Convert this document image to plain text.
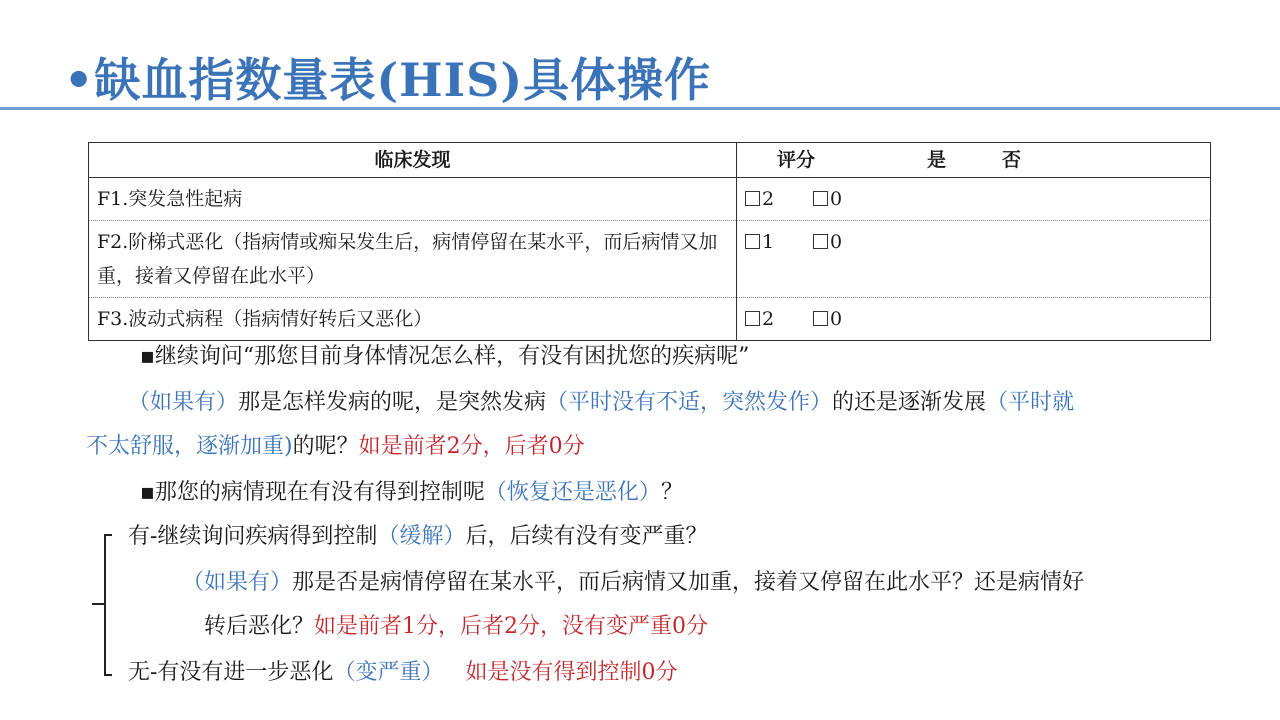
•缺血指数量表(HIS)具体操作
临床发现	评分 是 否
F1.突发急性起病	2 0
F2.阶梯式恶化（指病情或痴呆发生后，病情停留在某水平，而后病情又加重，接着又停留在此水平）	1 0
F3.波动式病程（指病情好转后又恶化）	2 0
▪继续询问“那您目前身体情况怎么样，有没有困扰您的疾病呢”
（如果有）那是怎样发病的呢，是突然发病（平时没有不适，突然发作）的还是逐渐发展（平时就
不太舒服，逐渐加重)的呢？如是前者2分，后者0分
▪那您的病情现在有没有得到控制呢（恢复还是恶化）？
有-继续询问疾病得到控制（缓解）后，后续有没有变严重？
（如果有）那是否是病情停留在某水平，而后病情又加重，接着又停留在此水平？还是病情好
转后恶化？如是前者1分，后者2分，没有变严重0分
无-有没有进一步恶化（变严重） 如是没有得到控制0分
